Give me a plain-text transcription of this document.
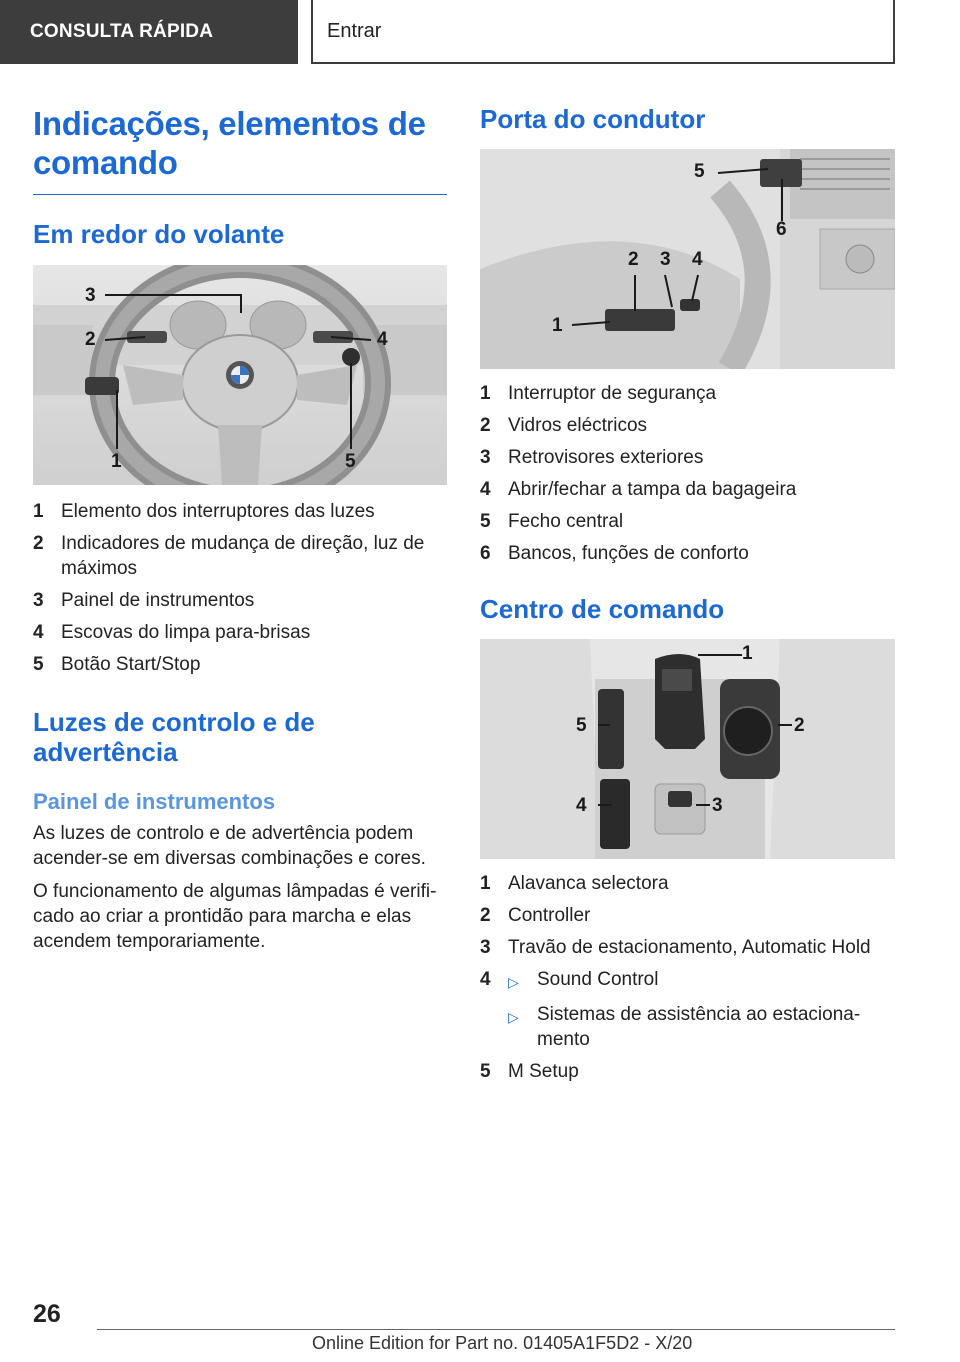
CONSULTA RÁPIDA	Entrar
Indicações, elementos de comando
Em redor do volante
3
2	4
1	5
1 Elemento dos interruptores das luzes
2 Indicadores de mudança de direção, luz de máximos
3 Painel de instrumentos
4 Escovas do limpa para-brisas
5 Botão Start/Stop
Luzes de controlo e de advertência
Painel de instrumentos

As luzes de controlo e de advertência podem acender-se em diversas combinações e cores.

O funcionamento de algumas lâmpadas é verificado ao criar a prontidão para marcha e elas acendem temporariamente.

Porta do condutor
1
2 3 4
5
6
1 Interruptor de segurança
2 Vidros eléctricos
3 Retrovisores exteriores
4 Abrir/fechar a tampa da bagageira
5 Fecho central
6 Bancos, funções de conforto
Centro de comando
1
2
3
4
5
1 Alavanca selectora
2 Controller
3 Travão de estacionamento, Automatic Hold
4	▷ Sound Control
▷ Sistemas de assistência ao estacionamento
5 M Setup
26
Online Edition for Part no. 01405A1F5D2 - X/20
